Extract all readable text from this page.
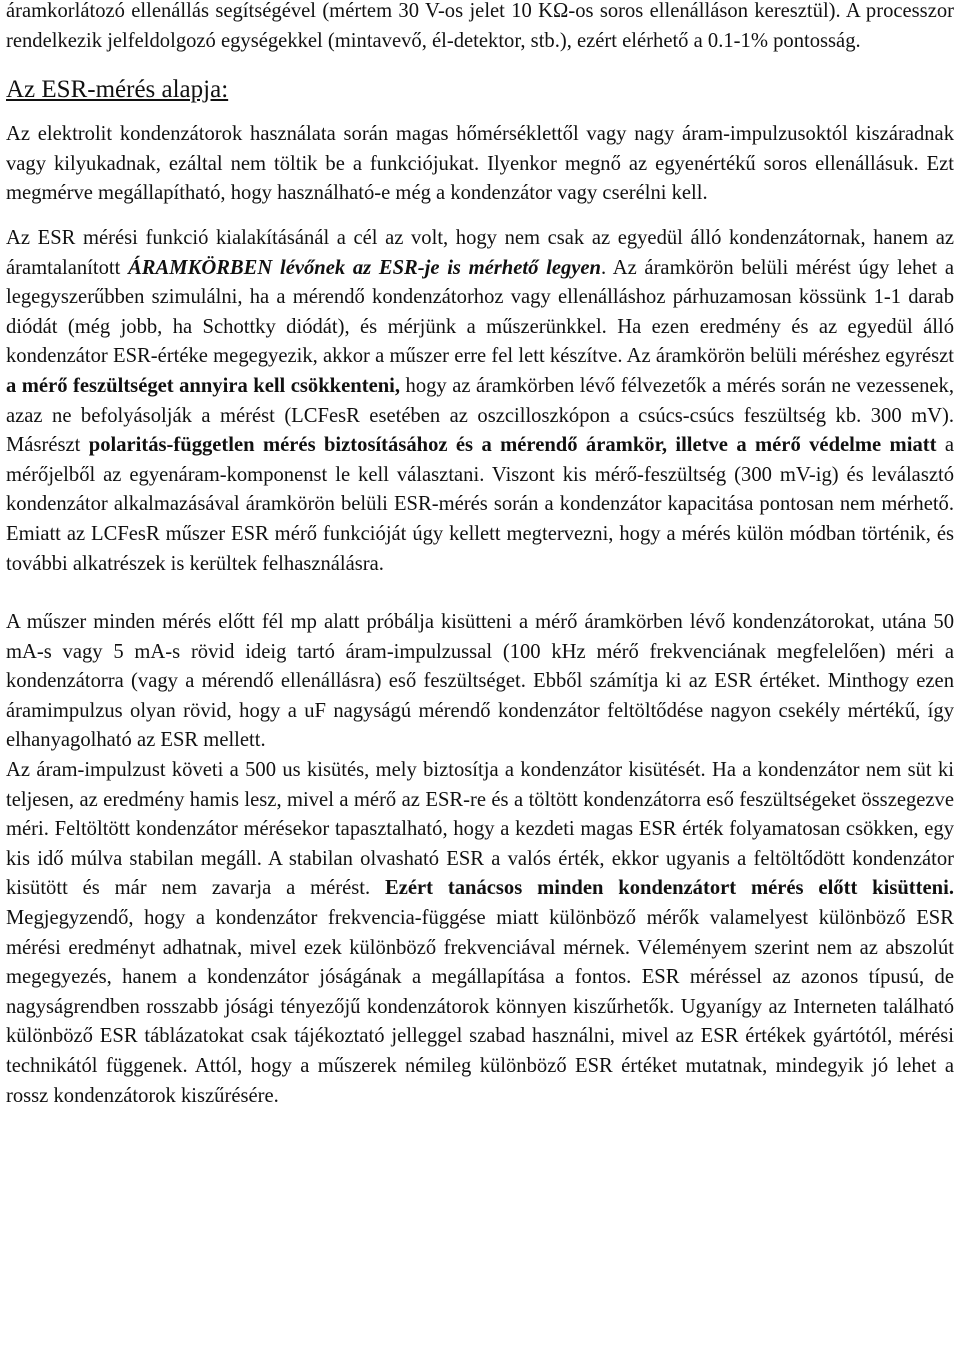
áramkorlátozó ellenállás segítségével (mértem 30 V-os jelet 10 KΩ-os soros ellenálláson keresztül). A processzor rendelkezik jelfeldolgozó egységekkel (mintavevő, él-detektor, stb.), ezért elérhető a 0.1-1% pontosság.

Az ESR-mérés alapja:

Az elektrolit kondenzátorok használata során magas hőmérséklettől vagy nagy áram-impulzusoktól kiszáradnak vagy kilyukadnak, ezáltal nem töltik be a funkciójukat. Ilyenkor megnő az egyenértékű soros ellenállásuk. Ezt megmérve megállapítható, hogy használható-e még a kondenzátor vagy cserélni kell.

Az ESR mérési funkció kialakításánál a cél az volt, hogy nem csak az egyedül álló kondenzátornak, hanem az áramtalanított ÁRAMKÖRBEN lévőnek az ESR-je is mérhető legyen. Az áramkörön belüli mérést úgy lehet a legegyszerűbben szimulálni, ha a mérendő kondenzátorhoz vagy ellenálláshoz párhuzamosan kössünk 1-1 darab diódát (még jobb, ha Schottky diódát), és mérjünk a műszerünkkel. Ha ezen eredmény és az egyedül álló kondenzátor ESR-értéke megegyezik, akkor a műszer erre fel lett készítve. Az áramkörön belüli méréshez egyrészt a mérő feszültséget annyira kell csökkenteni, hogy az áramkörben lévő félvezetők a mérés során ne vezessenek, azaz ne befolyásolják a mérést (LCFesR esetében az oszcilloszkópon a csúcs-csúcs feszültség kb. 300 mV). Másrészt polaritás-független mérés biztosításához és a mérendő áramkör, illetve a mérő védelme miatt a mérőjelből az egyenáram-komponenst le kell választani. Viszont kis mérő-feszültség (300 mV-ig) és leválasztó kondenzátor alkalmazásával áramkörön belüli ESR-mérés során a kondenzátor kapacitása pontosan nem mérhető. Emiatt az LCFesR műszer ESR mérő funkcióját úgy kellett megtervezni, hogy a mérés külön módban történik, és további alkatrészek is kerültek felhasználásra.

A műszer minden mérés előtt fél mp alatt próbálja kisütteni a mérő áramkörben lévő kondenzátorokat, utána 50 mA-s vagy 5 mA-s rövid ideig tartó áram-impulzussal (100 kHz mérő frekvenciának megfelelően) méri a kondenzátorra (vagy a mérendő ellenállásra) eső feszültséget. Ebből számítja ki az ESR értéket. Minthogy ezen áramimpulzus olyan rövid, hogy a uF nagyságú mérendő kondenzátor feltöltődése nagyon csekély mértékű, így elhanyagolható az ESR mellett.

Az áram-impulzust követi a 500 us kisütés, mely biztosítja a kondenzátor kisütését. Ha a kondenzátor nem süt ki teljesen, az eredmény hamis lesz, mivel a mérő az ESR-re és a töltött kondenzátorra eső feszültségeket összegezve méri. Feltöltött kondenzátor mérésekor tapasztalható, hogy a kezdeti magas ESR érték folyamatosan csökken, egy kis idő múlva stabilan megáll. A stabilan olvasható ESR a valós érték, ekkor ugyanis a feltöltődött kondenzátor kisütött és már nem zavarja a mérést. Ezért tanácsos minden kondenzátort mérés előtt kisütteni. Megjegyzendő, hogy a kondenzátor frekvencia-függése miatt különböző mérők valamelyest különböző ESR mérési eredményt adhatnak, mivel ezek különböző frekvenciával mérnek. Véleményem szerint nem az abszolút megegyezés, hanem a kondenzátor jóságának a megállapítása a fontos. ESR méréssel az azonos típusú, de nagyságrendben rosszabb jósági tényezőjű kondenzátorok könnyen kiszűrhetők. Ugyanígy az Interneten található különböző ESR táblázatokat csak tájékoztató jelleggel szabad használni, mivel az ESR értékek gyártótól, mérési technikától függenek. Attól, hogy a műszerek némileg különböző ESR értéket mutatnak, mindegyik jó lehet a rossz kondenzátorok kiszűrésére.
